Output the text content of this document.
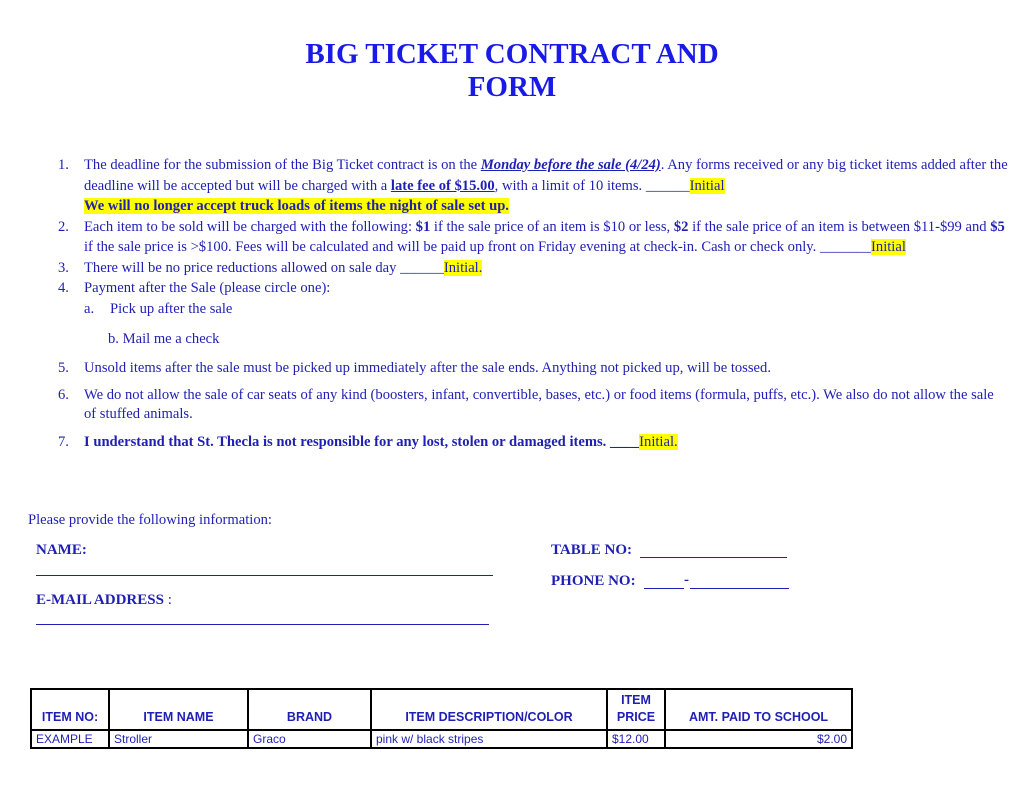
BIG TICKET CONTRACT AND
FORM
1. The deadline for the submission of the Big Ticket contract is on the Monday before the sale (4/24). Any forms received or any big ticket items added after the deadline will be accepted but will be charged with a late fee of $15.00, with a limit of 10 items. ______Initial
We will no longer accept truck loads of items the night of sale set up.
2. Each item to be sold will be charged with the following: $1 if the sale price of an item is $10 or less, $2 if the sale price of an item is between $11-$99 and $5 if the sale price is >$100. Fees will be calculated and will be paid up front on Friday evening at check-in. Cash or check only. _______Initial
3. There will be no price reductions allowed on sale day ______Initial.
4. Payment after the Sale (please circle one):
a. Pick up after the sale
b. Mail me a check
5. Unsold items after the sale must be picked up immediately after the sale ends. Anything not picked up, will be tossed.
6. We do not allow the sale of car seats of any kind (boosters, infant, convertible, bases, etc.) or food items (formula, puffs, etc.). We also do not allow the sale of stuffed animals.
7. I understand that St. Thecla is not responsible for any lost, stolen or damaged items. ____Initial.
Please provide the following information:
NAME:
E-MAIL ADDRESS :
TABLE NO:
PHONE NO:	-
ITEM NO:	ITEM NAME	BRAND	ITEM DESCRIPTION/COLOR	ITEM PRICE	AMT. PAID TO SCHOOL
EXAMPLE	Stroller	Graco	pink w/ black stripes	$12.00	$2.00
